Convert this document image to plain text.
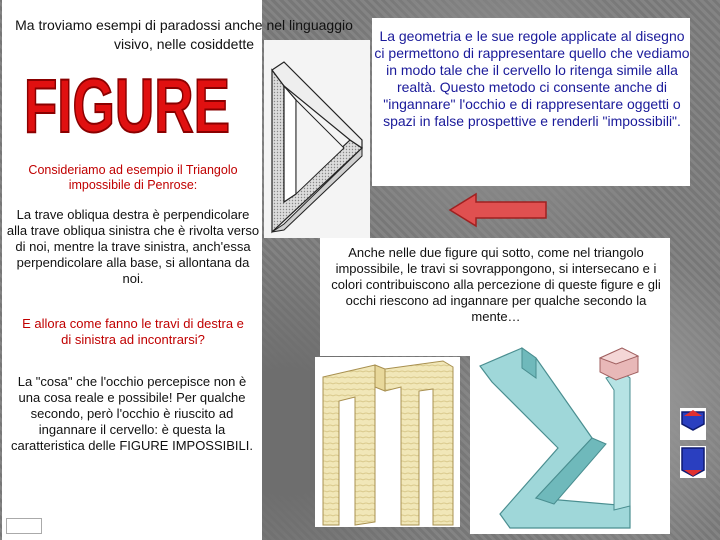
Ma troviamo esempi di paradossi anche nel linguaggio visivo, nelle cosiddette
FIGURE
Consideriamo ad esempio il Triangolo impossibile di Penrose:
La trave obliqua destra è perpendicolare alla trave obliqua sinistra che è rivolta verso di noi, mentre la trave sinistra, anch'essa perpendicolare alla base, si allontana da noi.
E allora come fanno le travi di destra e di sinistra ad incontrarsi?
La "cosa" che l'occhio percepisce non è una cosa reale e possibile! Per qualche secondo, però l'occhio è riuscito ad ingannare il cervello: è questa la caratteristica delle FIGURE IMPOSSIBILI.
La geometria e le sue regole applicate al disegno ci permettono di rappresentare quello che vediamo in modo tale che il cervello lo ritenga simile alla realtà. Questo metodo ci consente anche di "ingannare" l'occhio e di rappresentare oggetti o spazi in false prospettive e renderli "impossibili".
Anche nelle due figure qui sotto, come nel triangolo impossibile, le travi si sovrappongono, si intersecano e i colori contribuiscono alla percezione di queste figure e gli occhi riescono ad ingannare per qualche secondo la mente…
